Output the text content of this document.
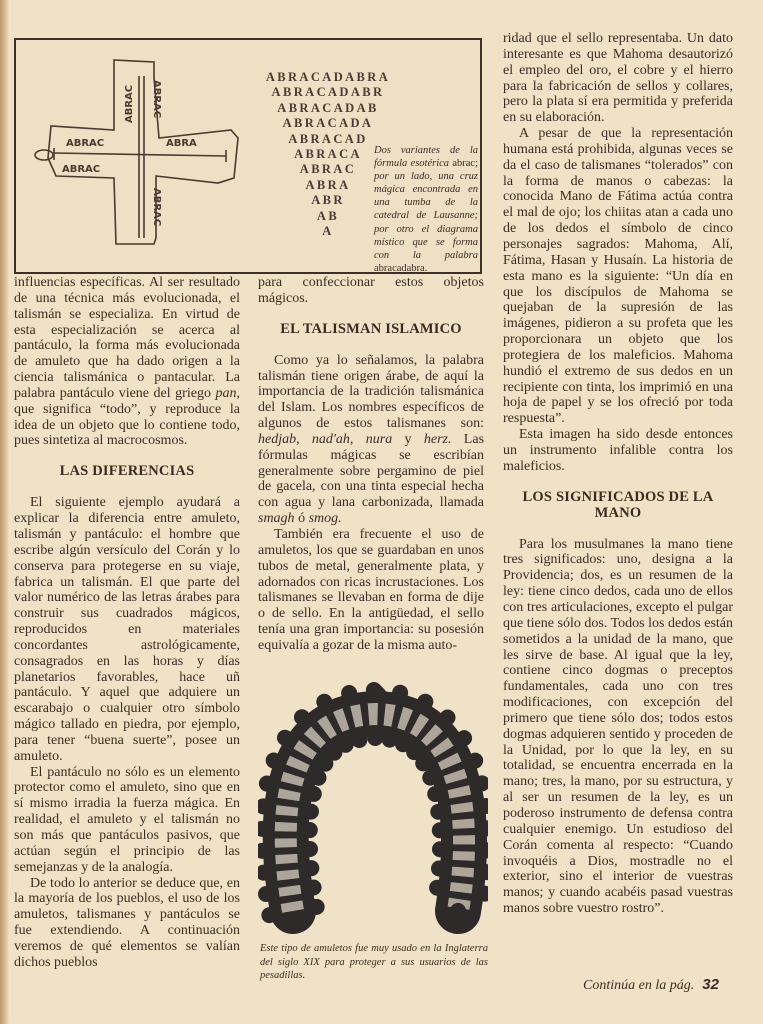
ABRAC
ABRAC
ABRA
ABRAC ABRAC
ABRAC
ABRACADABRA
ABRACADABR
ABRACADAB
ABRACADA
ABRACAD
ABRACA
ABRAC
ABRA
ABR
AB
A
Dos variantes de la fórmula esotérica abrac; por un lado, una cruz mágica encontrada en una tumba de la catedral de Lausanne; por otro el diagrama místico que se forma con la palabra abracadabra.

influencias específicas. Al ser resultado de una técnica más evolucionada, el talismán se especializa. En virtud de esta especialización se acerca al pantáculo, la forma más evolucionada de amuleto que ha dado origen a la ciencia talismánica o pantacular. La palabra pantáculo viene del griego pan, que significa “todo”, y reproduce la idea de un objeto que lo contiene todo, pues sintetiza al macrocosmos.

LAS DIFERENCIAS

El siguiente ejemplo ayudará a explicar la diferencia entre amuleto, talismán y pantáculo: el hombre que escribe algún versículo del Corán y lo conserva para protegerse en su viaje, fabrica un talismán. El que parte del valor numérico de las letras árabes para construir sus cuadrados mágicos, reproducidos en materiales concordantes astrológicamente, consagrados en las horas y días planetarios favorables, hace uñ pantáculo. Y aquel que adquiere un escarabajo o cualquier otro símbolo mágico tallado en piedra, por ejemplo, para tener “buena suerte”, posee un amuleto.

El pantáculo no sólo es un elemento protector como el amuleto, sino que en sí mismo irradia la fuerza mágica. En realidad, el amuleto y el talismán no son más que pantáculos pasivos, que actúan según el principio de las semejanzas y de la analogía.

De todo lo anterior se deduce que, en la mayoría de los pueblos, el uso de los amuletos, talismanes y pantáculos se fue extendiendo. A continuación veremos de qué elementos se valían dichos pueblos

para confeccionar estos objetos mágicos.

EL TALISMAN ISLAMICO

Como ya lo señalamos, la palabra talismán tiene origen árabe, de aquí la importancia de la tradición talismánica del Islam. Los nombres específicos de algunos de estos talismanes son: hedjab, nad'ah, nura y herz. Las fórmulas mágicas se escribían generalmente sobre pergamino de piel de gacela, con una tinta especial hecha con agua y lana carbonizada, llamada smagh ó smog.

También era frecuente el uso de amuletos, los que se guardaban en unos tubos de metal, generalmente plata, y adornados con ricas incrustaciones. Los talismanes se llevaban en forma de dije o de sello. En la antigüedad, el sello tenía una gran importancia: su posesión equivalía a gozar de la misma auto-

ridad que el sello representaba. Un dato interesante es que Mahoma desautorizó el empleo del oro, el cobre y el hierro para la fabricación de sellos y collares, pero la plata sí era permitida y preferida en su elaboración.

A pesar de que la representación humana está prohibida, algunas veces se da el caso de talismanes “tolerados” con la forma de manos o cabezas: la conocida Mano de Fátima actúa contra el mal de ojo; los chiitas atan a cada uno de los dedos el símbolo de cinco personajes sagrados: Mahoma, Alí, Fátima, Hasan y Husaín. La historia de esta mano es la siguiente: “Un día en que los discípulos de Mahoma se quejaban de la supresión de las imágenes, pidieron a su profeta que les proporcionara un objeto que los protegiera de los maleficios. Mahoma hundió el extremo de sus dedos en un recipiente con tinta, los imprimió en una hoja de papel y se los ofreció por toda respuesta”.

Esta imagen ha sido desde entonces un instrumento infalible contra los maleficios.

LOS SIGNIFICADOS DE LA MANO

Para los musulmanes la mano tiene tres significados: uno, designa a la Providencia; dos, es un resumen de la ley: tiene cinco dedos, cada uno de ellos con tres articulaciones, excepto el pulgar que tiene sólo dos. Todos los dedos están sometidos a la unidad de la mano, que les sirve de base. Al igual que la ley, contiene cinco dogmas o preceptos fundamentales, cada uno con tres modificaciones, con excepción del primero que tiene sólo dos; todos estos dogmas adquieren sentido y proceden de la Unidad, por lo que la ley, en su totalidad, se encuentra encerrada en la mano; tres, la mano, por su estructura, y al ser un resumen de la ley, es un poderoso instrumento de defensa contra cualquier enemigo. Un estudioso del Corán comenta al respecto: “Cuando invoquéis a Dios, mostradle no el exterior, sino el interior de vuestras manos; y cuando acabéis pasad vuestras manos sobre vuestro rostro”.

Este tipo de amuletos fue muy usado en la Inglaterra del siglo XIX para proteger a sus usuarios de las pesadillas.
Continúa en la pág. 32
